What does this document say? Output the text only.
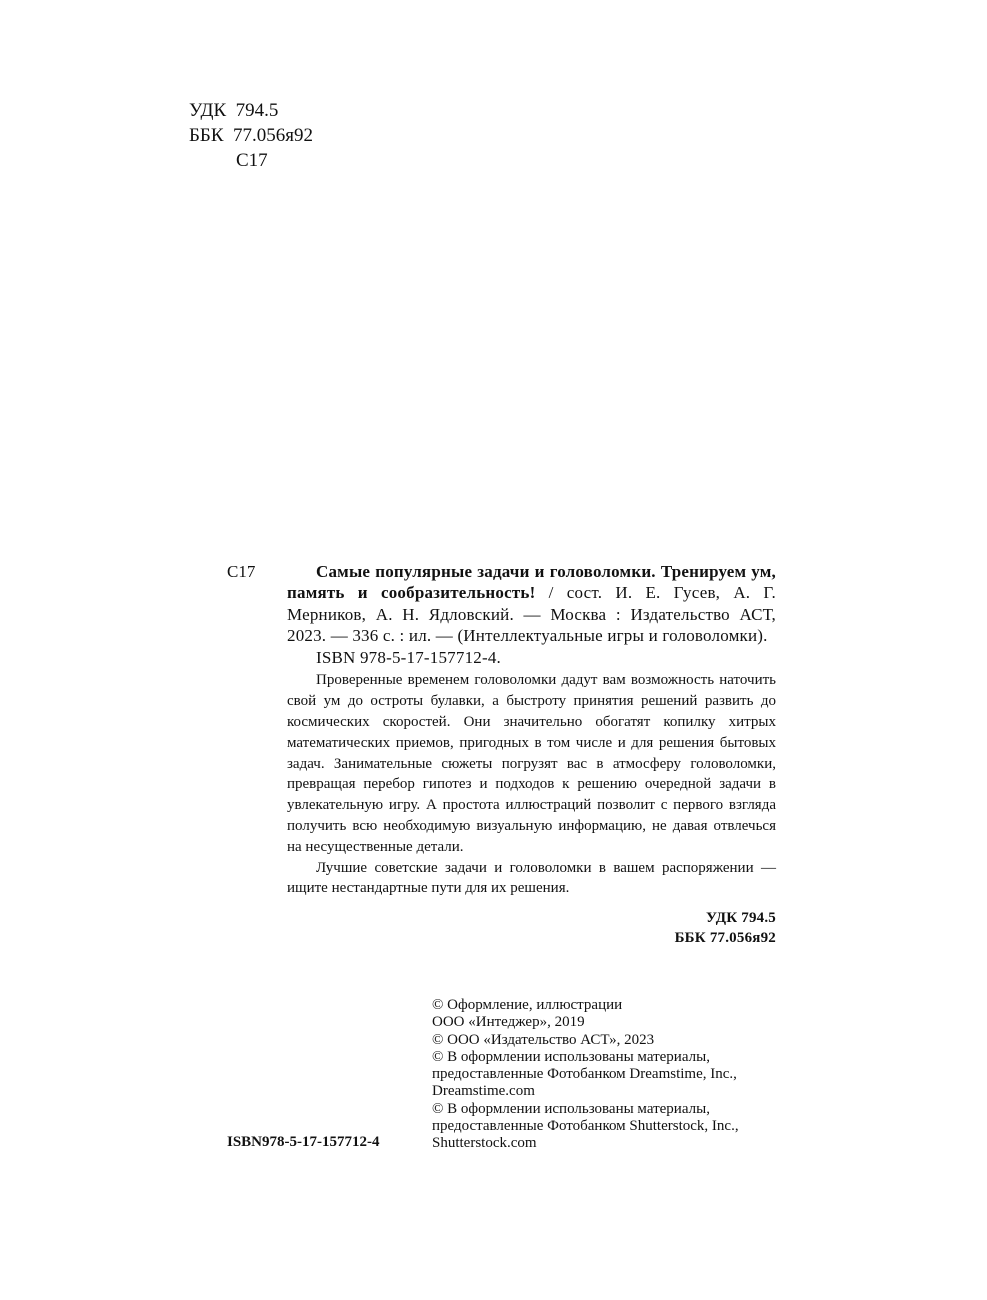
УДК  794.5
ББК  77.056я92
С17
С17	Самые популярные задачи и головоломки. Тренируем ум, память и сообразительность! / сост. И. Е. Гусев, А. Г. Мерников, А. Н. Ядловский. — Москва : Издательство АСТ, 2023. — 336 с. : ил. — (Интеллектуальные игры и головоломки).
ISBN 978-5-17-157712-4.

Проверенные временем головоломки дадут вам возможность наточить свой ум до остроты булавки, а быстроту принятия решений развить до космических скоростей. Они значительно обогатят копилку хитрых математических приемов, пригодных в том числе и для решения бытовых задач. Занимательные сюжеты погрузят вас в атмосферу головоломки, превращая перебор гипотез и подходов к решению очередной задачи в увлекательную игру. А простота иллюстраций позволит с первого взгляда получить всю необходимую визуальную информацию, не давая отвлечься на несущественные детали.

Лучшие советские задачи и головоломки в вашем распоряжении — ищите нестандартные пути для их решения.

УДК 794.5
ББК 77.056я92
© Оформление, иллюстрации
ООО «Интеджер», 2019
© ООО «Издательство АСТ», 2023
© В оформлении использованы материалы,
предоставленные Фотобанком Dreamstime, Inc.,
Dreamstime.com
© В оформлении использованы материалы,
предоставленные Фотобанком Shutterstock, Inc.,
Shutterstock.com
ISBN978-5-17-157712-4
